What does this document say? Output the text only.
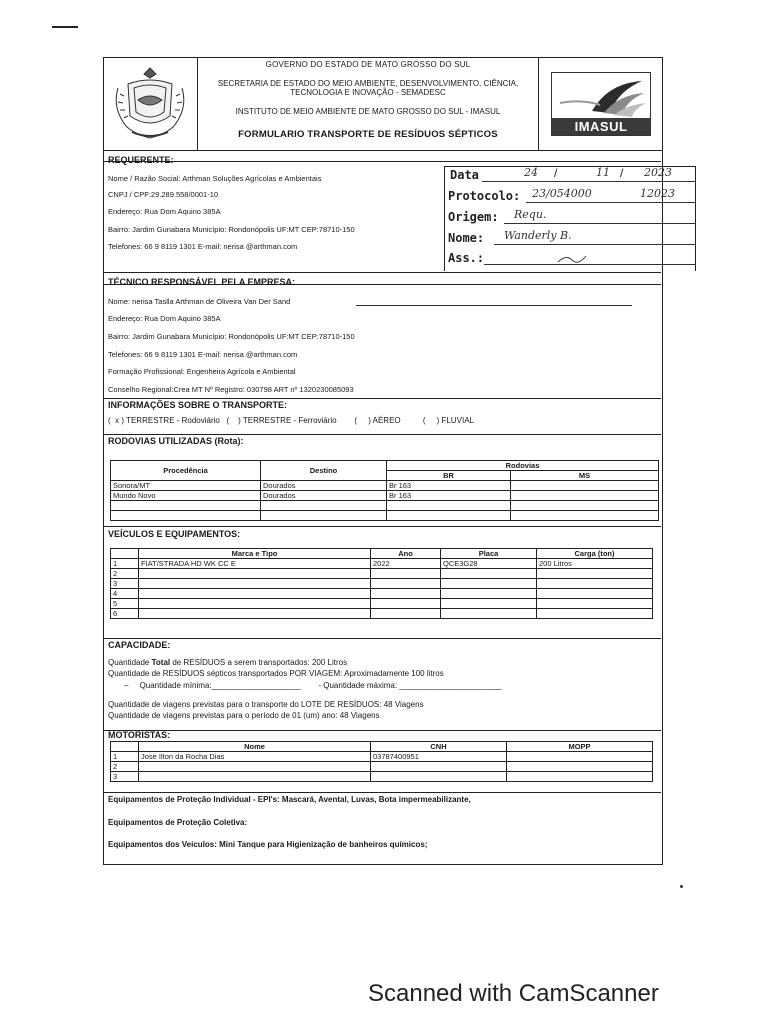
GOVERNO DO ESTADO DE MATO GROSSO DO SUL
SECRETARIA DE ESTADO DO MEIO AMBIENTE, DESENVOLVIMENTO, CIÊNCIA, TECNOLOGIA E INOVAÇÃO - SEMADESC
INSTITUTO DE MEIO AMBIENTE DE MATO GROSSO DO SUL - IMASUL
FORMULARIO TRANSPORTE DE RESÍDUOS SÉPTICOS
IMASUL
REQUERENTE:
Nome / Razão Social: Arthman Soluções Agrícolas e Ambientais
CNPJ / CPF:29.289.558/0001-10
Endereço: Rua Dom Aquino 385A
Bairro: Jardim Gunabara Município: Rondonópolis UF:MT CEP:78710-150
Telefones: 66 9 8119 1301 E-mail: nerisa @arthman.com
Data	24 /	11 / 2023
Protocolo: 23/054000	12023
Origem: Requ.
Nome: Wanderly B.
Ass.:
TÉCNICO RESPONSÁVEL PELA EMPRESA:
Nome: nerisa Taslla Arthman de Oliveira Van Der Sand
Endereço: Rua Dom Aquino 385A
Bairro: Jardim Gunabara Município: Rondonópolis UF:MT CEP:78710-150
Telefones: 66 9 8119 1301 E-mail: nerisa @arthman.com
Formação Profissional: Engenheira Agrícola e Ambiental
Conselho Regional:Crea MT Nº Registro: 030798 ART nº 1320230085093
INFORMAÇÕES SOBRE O TRANSPORTE:
(  x ) TERRESTRE - Rodoviário   (    ) TERRESTRE - Ferroviário        (     ) AÉREO          (     ) FLUVIAL
RODOVIAS UTILIZADAS (Rota):
Procedência	Destino	Rodovias	
		BR	MS
Sonora/MT	Dourados	Br 163	
Mundo Novo	Dourados	Br 163	

VEÍCULOS E EQUIPAMENTOS:
	Marca e Tipo	Ano	Placa	Carga (ton)
1	FIAT/STRADA HD WK CC E	2022	QCE3G28	200 Litros
2				
3				
4				
5				
6				
CAPACIDADE:
Quantidade Total de RESÍDUOS a serem transportados: 200 Litros
Quantidade de RESÍDUOS sépticos transportados POR VIAGEM: Aproximadamente 100 litros
–     Quantidade mínima:____________________        - Quantidade máxima: _______________________
Quantidade de viagens previstas para o transporte do LOTE DE RESÍDUOS: 48 Viagens
Quantidade de viagens previstas para o período de 01 (um) ano: 48 Viagens
MOTORISTAS:
	Nome	CNH	MOPP
1	Jose Ilton da Rocha Dias	03787400951	
2			
3			
Equipamentos de Proteção Individual - EPI's: Mascará, Avental, Luvas, Bota impermeabilizante,
Equipamentos de Proteção Coletiva:
Equipamentos dos Veículos: Mini Tanque para Higienização de banheiros químicos;
Scanned with CamScanner
